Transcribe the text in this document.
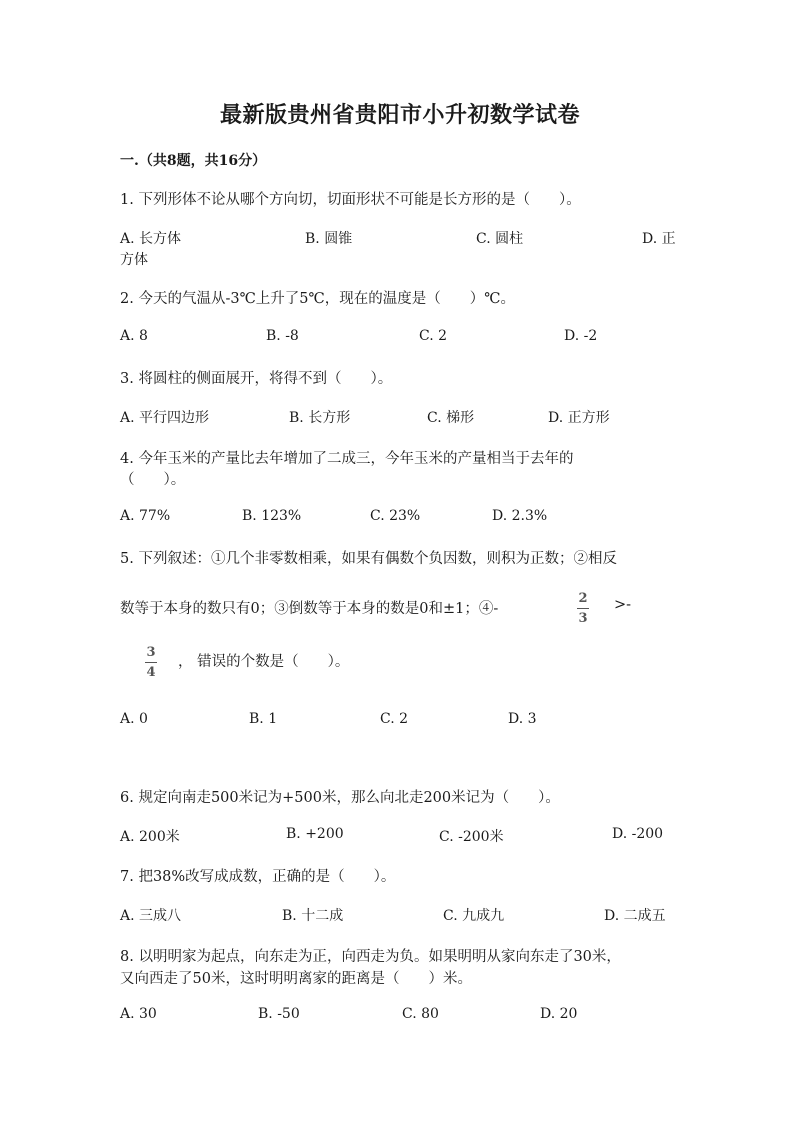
最新版贵州省贵阳市小升初数学试卷
一.（共8题，共16分）
1. 下列形体不论从哪个方向切，切面形状不可能是长方形的是（　　）。
A. 长方体	B. 圆锥	C. 圆柱	D. 正
方体
2. 今天的气温从-3℃上升了5℃，现在的温度是（　　）℃。
A. 8	B. -8	C. 2	D. -2
3. 将圆柱的侧面展开，将得不到（　　）。
A. 平行四边形	B. 长方形	C. 梯形	D. 正方形
4. 今年玉米的产量比去年增加了二成三，今年玉米的产量相当于去年的
（　　）。
A. 77%	B. 123%	C. 23%	D. 2.3%
5. 下列叙述：①几个非零数相乘，如果有偶数个负因数，则积为正数；②相反
数等于本身的数只有0；③倒数等于本身的数是0和±1；④-
2
3
>-
3
4
， 错误的个数是（　　）。
A. 0	B. 1	C. 2	D. 3
6. 规定向南走500米记为+500米，那么向北走200米记为（　　）。
A. 200米	B. +200	C. -200米	D. -200
7. 把38%改写成成数，正确的是（　　）。
A. 三成八	B. 十二成	C. 九成九	D. 二成五
8. 以明明家为起点，向东走为正，向西走为负。如果明明从家向东走了30米，
又向西走了50米，这时明明离家的距离是（　　）米。
A. 30	B. -50	C. 80	D. 20
